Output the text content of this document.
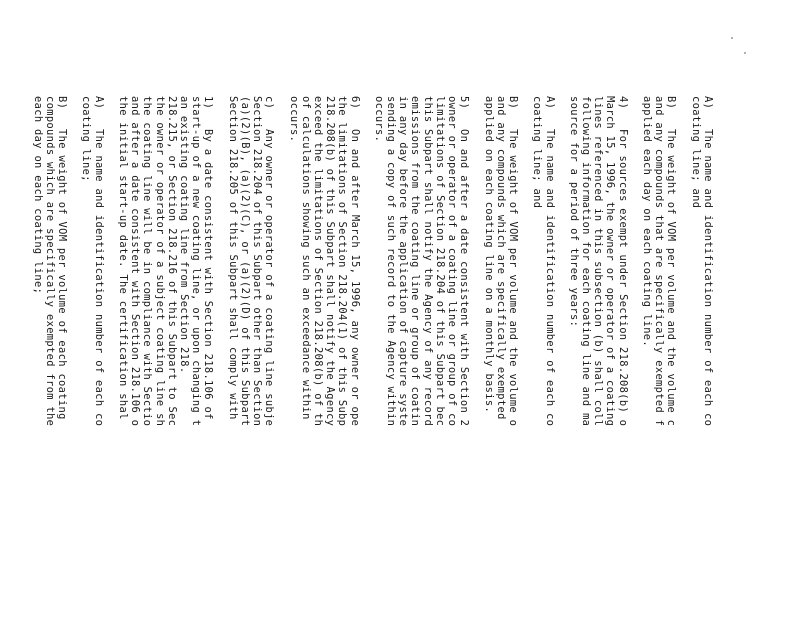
A)   The name and identification number of each co
coating line; and
B)   The weight of VOM per volume and the volume c
and any compounds that are specifically exempted f
applied each day on each coating line.
4)   For sources exempt under Section 218.208(b) o
March 15, 1996, the owner or operator of a coating
lines referenced in this subsection (b) shall coll
following information for each coating line and ma
source for a period of three years:
A)   The name and identification number of each co
coating line; and
B)   The weight of VOM per volume and the volume o
and any compounds which are specifically exempted
applied on each coating line on a monthly basis.
5)   On and after a date consistent with Section 2
owner or operator of a coating line or group of co
limitations of Section 218.204 of this Subpart bec
this Subpart shall notify the Agency of any record
emissions from the coating line or group of coatin
in any day before the application of capture syste
sending a copy of such record to the Agency within
occurs.
6)   On and after March 15, 1996, any owner or ope
the limitations of Section 218.204(1) of this Subp
218.208(b) of this Subpart shall notify the Agency
exceed the limitations of Section 218.208(b) of th
of calculations showing such an exceedance within
occurs.
c)   Any owner or operator of a coating line subje
Section 218.204 of this Subpart other than Section
(a)(2)(B), (a)(2)(C), or (a)(2)(D) of this Subpart
Section 218.205 of this Subpart shall comply with
1)   By a date consistent with Section 218.106 of
start-up of a new coating line, or upon changing t
an existing coating line from Section 218.
218.215, or Section 218.216 of this Subpart to Sec
the owner or operator of a subject coating line sh
the coating line will be in compliance with Sectio
and after a date consistent with Section 218.106 o
the initial start-up date. The certification shal
A)   The name and identification number of each co
coating line;
B)   The weight of VOM per volume of each coating
compounds which are specifically exempted from the
each day on each coating line;
